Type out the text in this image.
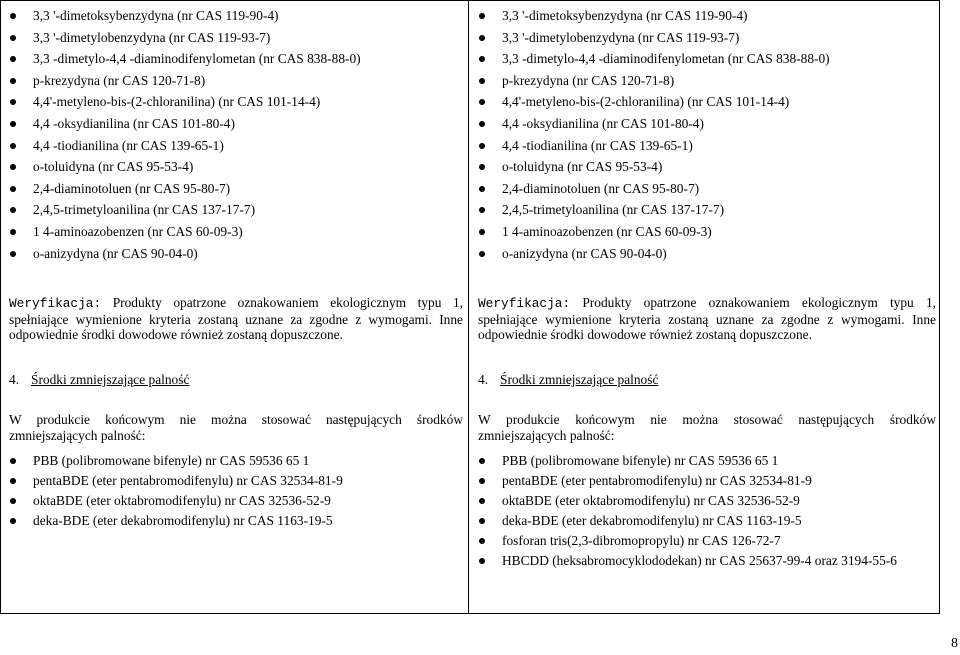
3,3 '-dimetoksybenzydyna (nr CAS 119-90-4)
3,3 '-dimetylobenzydyna (nr CAS 119-93-7)
3,3 -dimetylo-4,4 -diaminodifenylometan (nr CAS 838-88-0)
p-krezydyna (nr CAS 120-71-8)
4,4'-metyleno-bis-(2-chloranilina) (nr CAS 101-14-4)
4,4 -oksydianilina (nr CAS 101-80-4)
4,4 -tiodianilina (nr CAS 139-65-1)
o-toluidyna (nr CAS 95-53-4)
2,4-diaminotoluen (nr CAS 95-80-7)
2,4,5-trimetyloanilina (nr CAS 137-17-7)
1 4-aminoazobenzen (nr CAS 60-09-3)
o-anizydyna (nr CAS 90-04-0)
Weryfikacja: Produkty opatrzone oznakowaniem ekologicznym typu 1, spełniające wymienione kryteria zostaną uznane za zgodne z wymogami. Inne odpowiednie środki dowodowe również zostaną dopuszczone.
4. Środki zmniejszające palność
W produkcie końcowym nie można stosować następujących środków zmniejszających palność:
PBB (polibromowane bifenyle) nr CAS 59536 65 1
pentaBDE (eter pentabromodifenylu) nr CAS 32534-81-9
oktaBDE (eter oktabromodifenylu) nr CAS 32536-52-9
deka-BDE (eter dekabromodifenylu) nr CAS 1163-19-5
3,3 '-dimetoksybenzydyna (nr CAS 119-90-4)
3,3 '-dimetylobenzydyna (nr CAS 119-93-7)
3,3 -dimetylo-4,4 -diaminodifenylometan (nr CAS 838-88-0)
p-krezydyna (nr CAS 120-71-8)
4,4'-metyleno-bis-(2-chloranilina) (nr CAS 101-14-4)
4,4 -oksydianilina (nr CAS 101-80-4)
4,4 -tiodianilina (nr CAS 139-65-1)
o-toluidyna (nr CAS 95-53-4)
2,4-diaminotoluen (nr CAS 95-80-7)
2,4,5-trimetyloanilina (nr CAS 137-17-7)
1 4-aminoazobenzen (nr CAS 60-09-3)
o-anizydyna (nr CAS 90-04-0)
Weryfikacja: Produkty opatrzone oznakowaniem ekologicznym typu 1, spełniające wymienione kryteria zostaną uznane za zgodne z wymogami. Inne odpowiednie środki dowodowe również zostaną dopuszczone.
4. Środki zmniejszające palność
W produkcie końcowym nie można stosować następujących środków zmniejszających palność:
PBB (polibromowane bifenyle) nr CAS 59536 65 1
pentaBDE (eter pentabromodifenylu) nr CAS 32534-81-9
oktaBDE (eter oktabromodifenylu) nr CAS 32536-52-9
deka-BDE (eter dekabromodifenylu) nr CAS 1163-19-5
fosforan tris(2,3-dibromopropylu) nr CAS 126-72-7
HBCDD (heksabromocyklododekan) nr CAS 25637-99-4 oraz 3194-55-6
8
